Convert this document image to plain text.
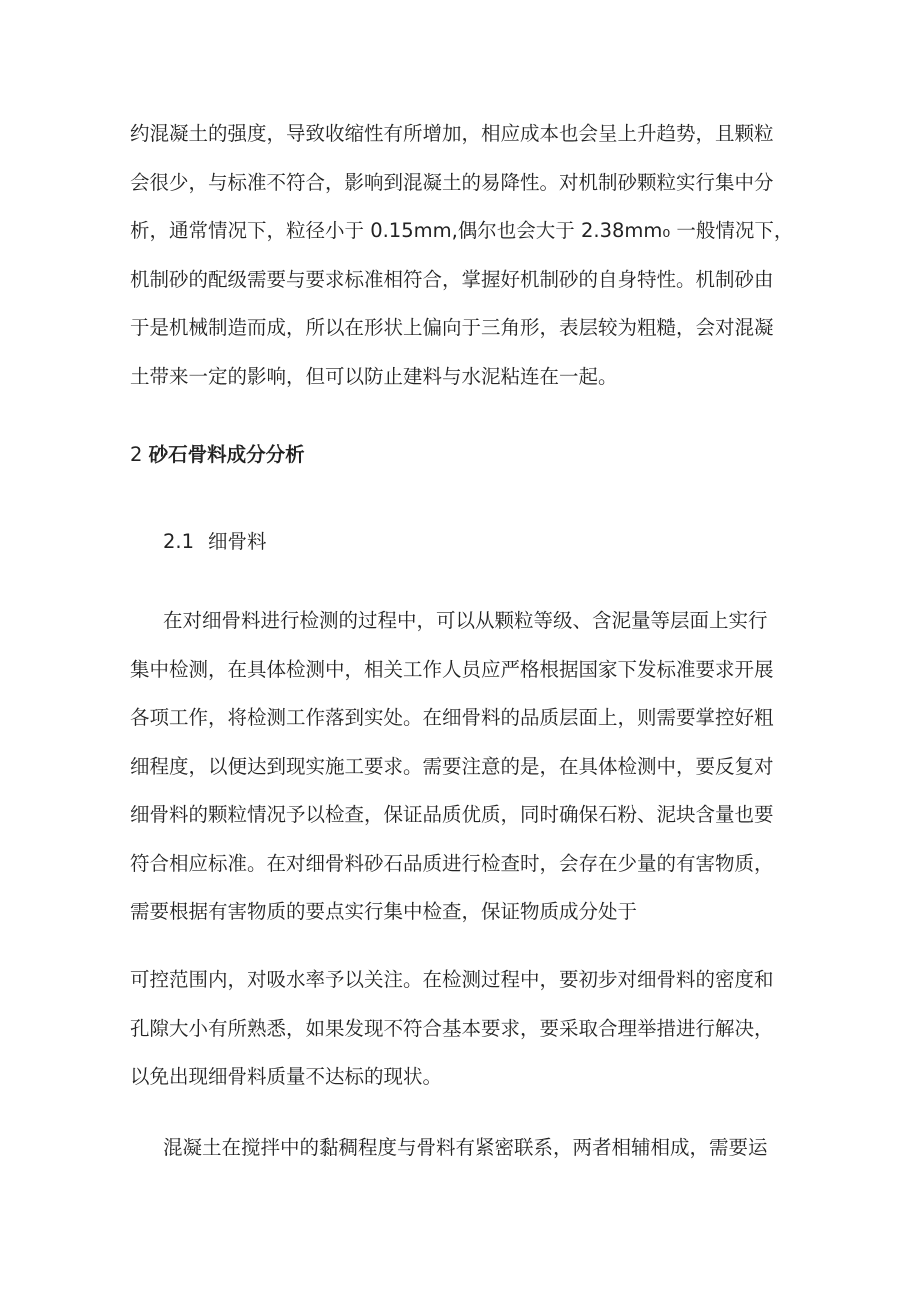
约混凝土的强度，导致收缩性有所增加，相应成本也会呈上升趋势，且颗粒
会很少，与标准不符合，影响到混凝土的易降性。对机制砂颗粒实行集中分
析，通常情况下，粒径小于 0.15mm,偶尔也会大于 2.38mm₀ 一般情况下，
机制砂的配级需要与要求标准相符合，掌握好机制砂的自身特性。机制砂由
于是机械制造而成，所以在形状上偏向于三角形，表层较为粗糙，会对混凝
土带来一定的影响，但可以防止建料与水泥粘连在一起。
2 砂石骨料成分分析
2.1 细骨料
在对细骨料进行检测的过程中，可以从颗粒等级、含泥量等层面上实行
集中检测，在具体检测中，相关工作人员应严格根据国家下发标准要求开展
各项工作，将检测工作落到实处。在细骨料的品质层面上，则需要掌控好粗
细程度，以便达到现实施工要求。需要注意的是，在具体检测中，要反复对
细骨料的颗粒情况予以检查，保证品质优质，同时确保石粉、泥块含量也要
符合相应标准。在对细骨料砂石品质进行检查时，会存在少量的有害物质，
需要根据有害物质的要点实行集中检查，保证物质成分处于
可控范围内，对吸水率予以关注。在检测过程中，要初步对细骨料的密度和
孔隙大小有所熟悉，如果发现不符合基本要求，要采取合理举措进行解决，
以免出现细骨料质量不达标的现状。
混凝土在搅拌中的黏稠程度与骨料有紧密联系，两者相辅相成，需要运
